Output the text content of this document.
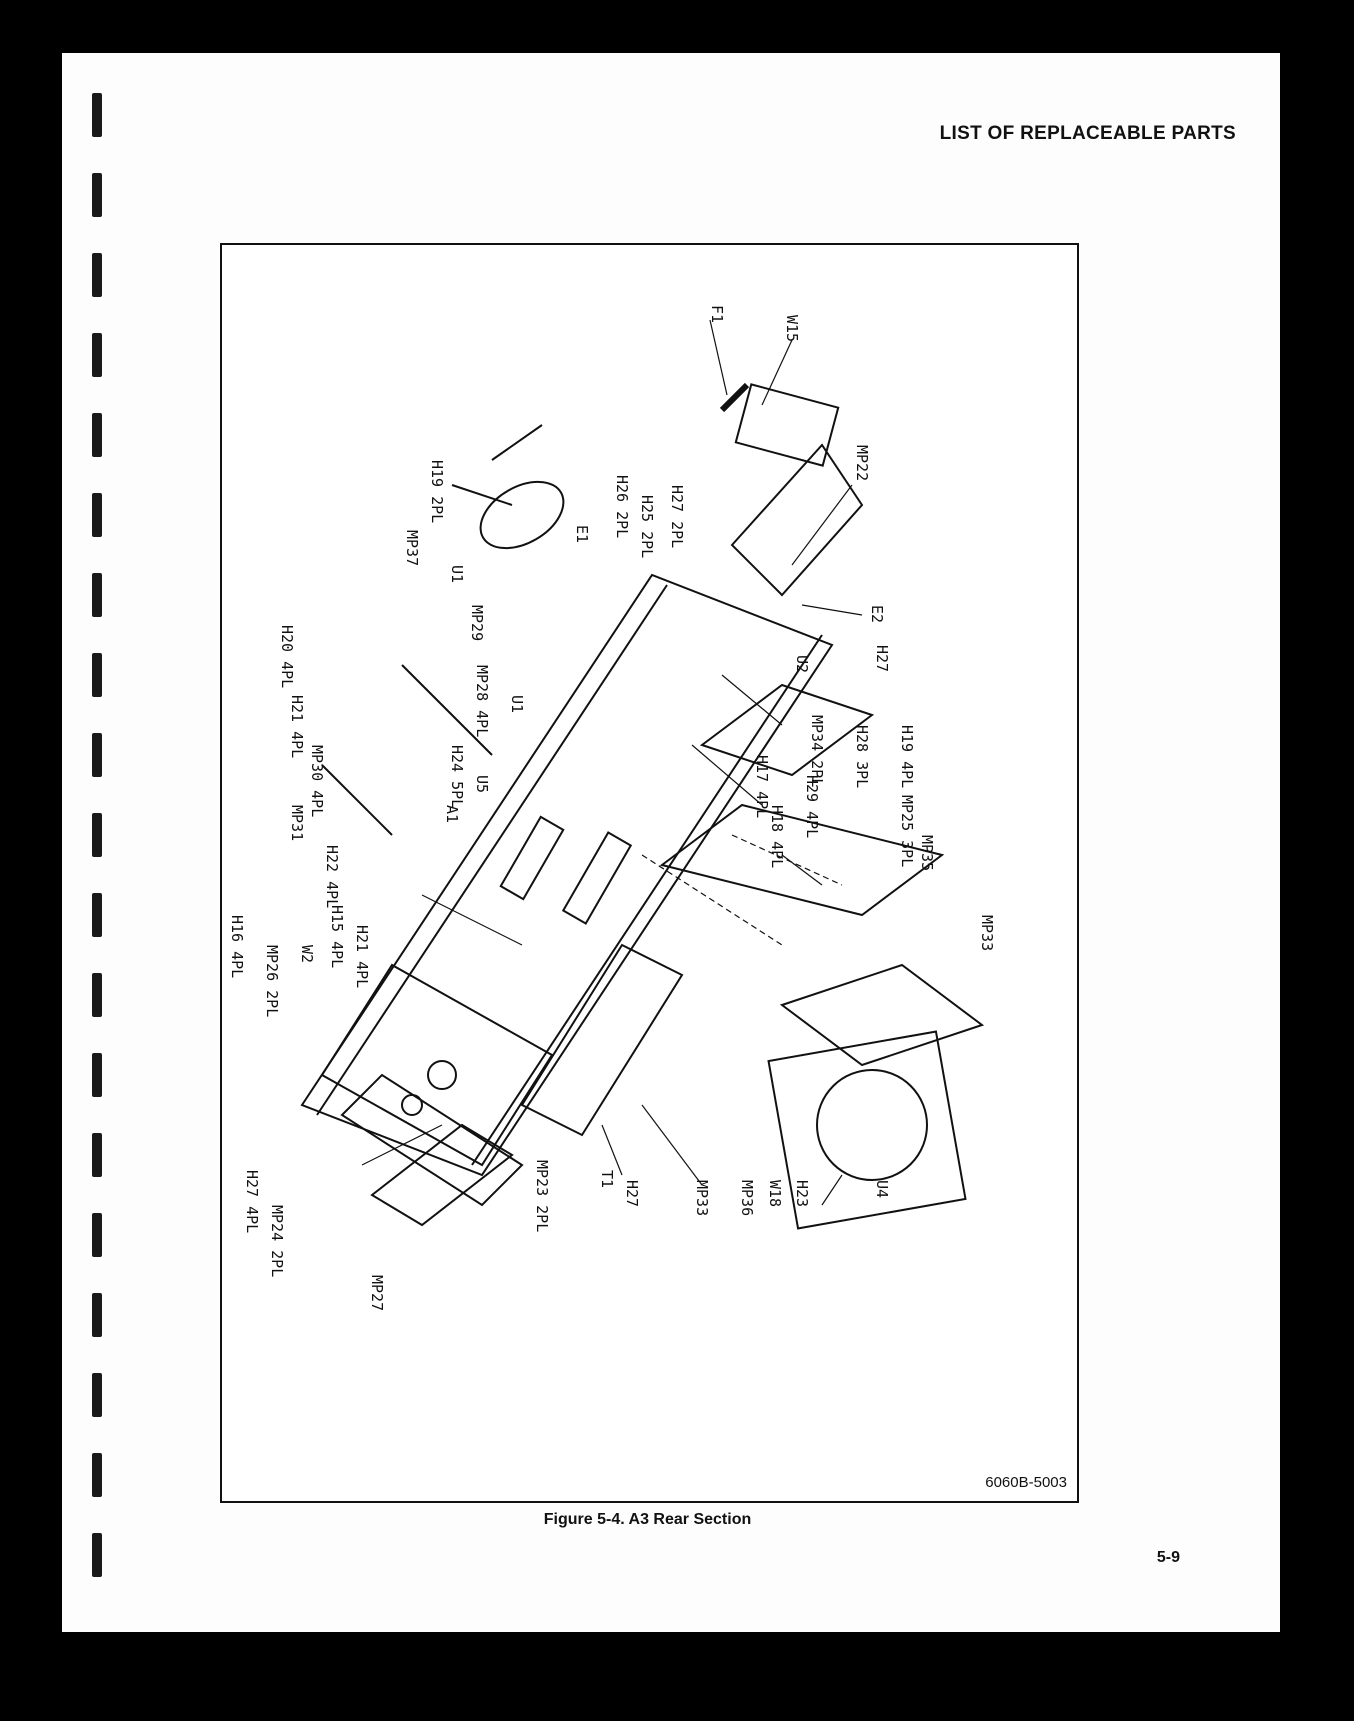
LIST OF REPLACEABLE PARTS
F1
W15
MP22
H19 2PL
MP37
U1
MP29
E1 H26 2PL H25 2PL H27 2PL
E2
H27
H20 4PL
H21 4PL	MP28 4PL U1
U2
MP34 2PL
MP30 4PL
MP31
H24 5PL U5
A1	H17 4PL H29 4PL
H28 3PL H19 4PL
H18 4PL	MP25 3PL MP35
H16 4PL MP26 2PL W2
H22 4PL
H15 4PL H21 4PL	MP33
H27 4PL
MP24 2PL
MP27
MP23 2PL	T1
H27	MP33 MP36 W18 H23	U4
6060B-5003
Figure 5-4. A3 Rear Section
5-9
